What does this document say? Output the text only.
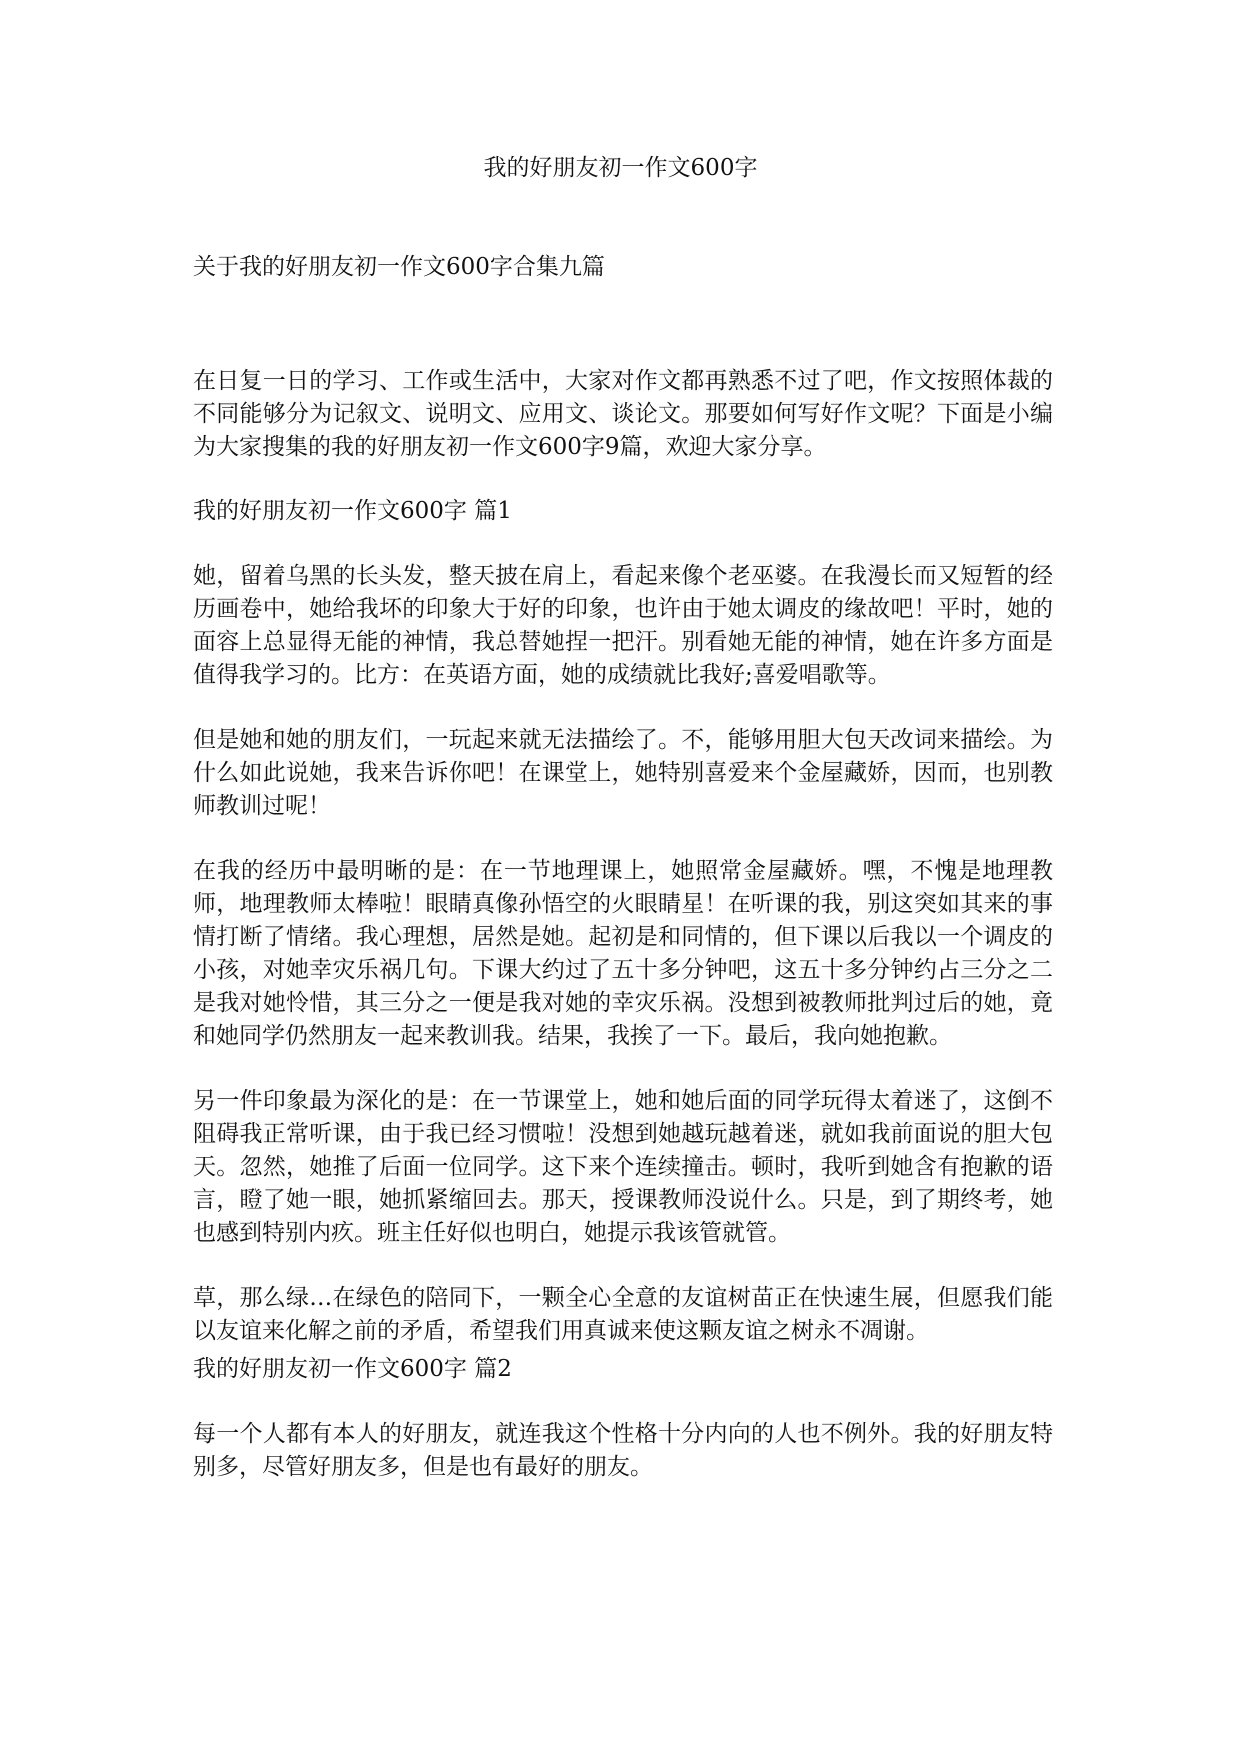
我的好朋友初一作文600字
关于我的好朋友初一作文600字合集九篇

在日复一日的学习、工作或生活中，大家对作文都再熟悉不过了吧，作文按照体裁的不同能够分为记叙文、说明文、应用文、谈论文。那要如何写好作文呢？下面是小编为大家搜集的我的好朋友初一作文600字9篇，欢迎大家分享。

我的好朋友初一作文600字 篇1

她，留着乌黑的长头发，整天披在肩上，看起来像个老巫婆。在我漫长而又短暂的经历画卷中，她给我坏的印象大于好的印象，也许由于她太调皮的缘故吧！平时，她的面容上总显得无能的神情，我总替她捏一把汗。别看她无能的神情，她在许多方面是值得我学习的。比方：在英语方面，她的成绩就比我好;喜爱唱歌等。

但是她和她的朋友们，一玩起来就无法描绘了。不，能够用胆大包天改词来描绘。为什么如此说她，我来告诉你吧！在课堂上，她特别喜爱来个金屋藏娇，因而，也别教师教训过呢！

在我的经历中最明晰的是：在一节地理课上，她照常金屋藏娇。嘿，不愧是地理教师，地理教师太棒啦！眼睛真像孙悟空的火眼睛星！在听课的我，别这突如其来的事情打断了情绪。我心理想，居然是她。起初是和同情的，但下课以后我以一个调皮的小孩，对她幸灾乐祸几句。下课大约过了五十多分钟吧，这五十多分钟约占三分之二是我对她怜惜，其三分之一便是我对她的幸灾乐祸。没想到被教师批判过后的她，竟和她同学仍然朋友一起来教训我。结果，我挨了一下。最后，我向她抱歉。

另一件印象最为深化的是：在一节课堂上，她和她后面的同学玩得太着迷了，这倒不阻碍我正常听课，由于我已经习惯啦！没想到她越玩越着迷，就如我前面说的胆大包天。忽然，她推了后面一位同学。这下来个连续撞击。顿时，我听到她含有抱歉的语言，瞪了她一眼，她抓紧缩回去。那天，授课教师没说什么。只是，到了期终考，她也感到特别内疚。班主任好似也明白，她提示我该管就管。

草，那么绿…在绿色的陪同下，一颗全心全意的友谊树苗正在快速生展，但愿我们能以友谊来化解之前的矛盾，希望我们用真诚来使这颗友谊之树永不凋谢。

我的好朋友初一作文600字 篇2

每一个人都有本人的好朋友，就连我这个性格十分内向的人也不例外。我的好朋友特别多，尽管好朋友多，但是也有最好的朋友。
